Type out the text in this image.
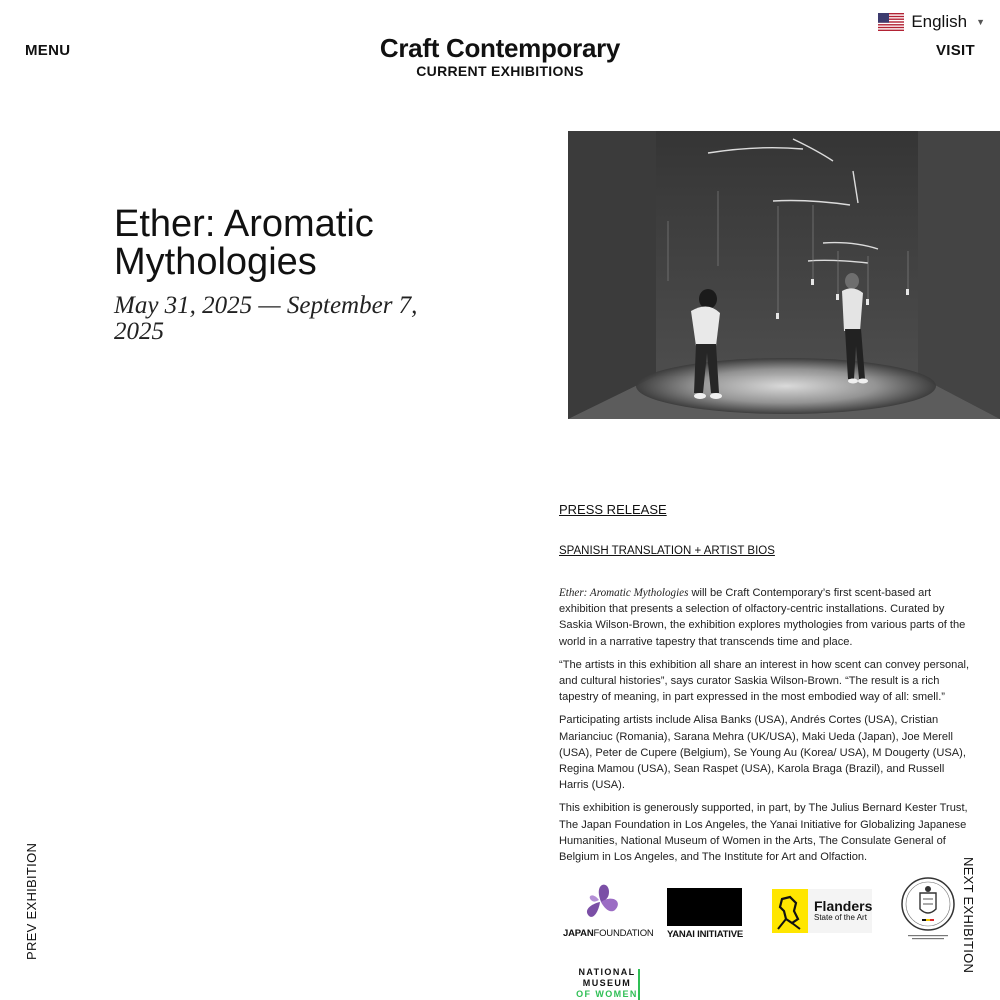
MENU	Craft Contemporary
CURRENT EXHIBITIONS
English ▼
VISIT
Ether: Aromatic Mythologies
May 31, 2025 — September 7, 2025
PRESS RELEASE
SPANISH TRANSLATION + ARTIST BIOS

Ether: Aromatic Mythologies will be Craft Contemporary’s first scent-based art exhibition that presents a selection of olfactory-centric installations. Curated by Saskia Wilson-Brown, the exhibition explores mythologies from various parts of the world in a narrative tapestry that transcends time and place.

“The artists in this exhibition all share an interest in how scent can convey personal, and cultural histories”, says curator Saskia Wilson-Brown. “The result is a rich tapestry of meaning, in part expressed in the most embodied way of all: smell.”

Participating artists include Alisa Banks (USA), Andrés Cortes (USA), Cristian Marianciuc (Romania), Sarana Mehra (UK/USA), Maki Ueda (Japan), Joe Merell (USA), Peter de Cupere (Belgium), Se Young Au (Korea/ USA), M Dougerty (USA), Regina Mamou (USA), Sean Raspet (USA), Karola Braga (Brazil), and Russell Harris (USA).

This exhibition is generously supported, in part, by The Julius Bernard Kester Trust, The Japan Foundation in Los Angeles, the Yanai Initiative for Globalizing Japanese Humanities, National Museum of Women in the Arts, The Consulate General of Belgium in Los Angeles, and The Institute for Art and Olfaction.

JAPANFOUNDATION YANAI INITIATIVE
Flanders
State of the Art
NATIONAL
MUSEUM
OF WOMEN
PREV EXHIBITION	NEXT EXHIBITION
